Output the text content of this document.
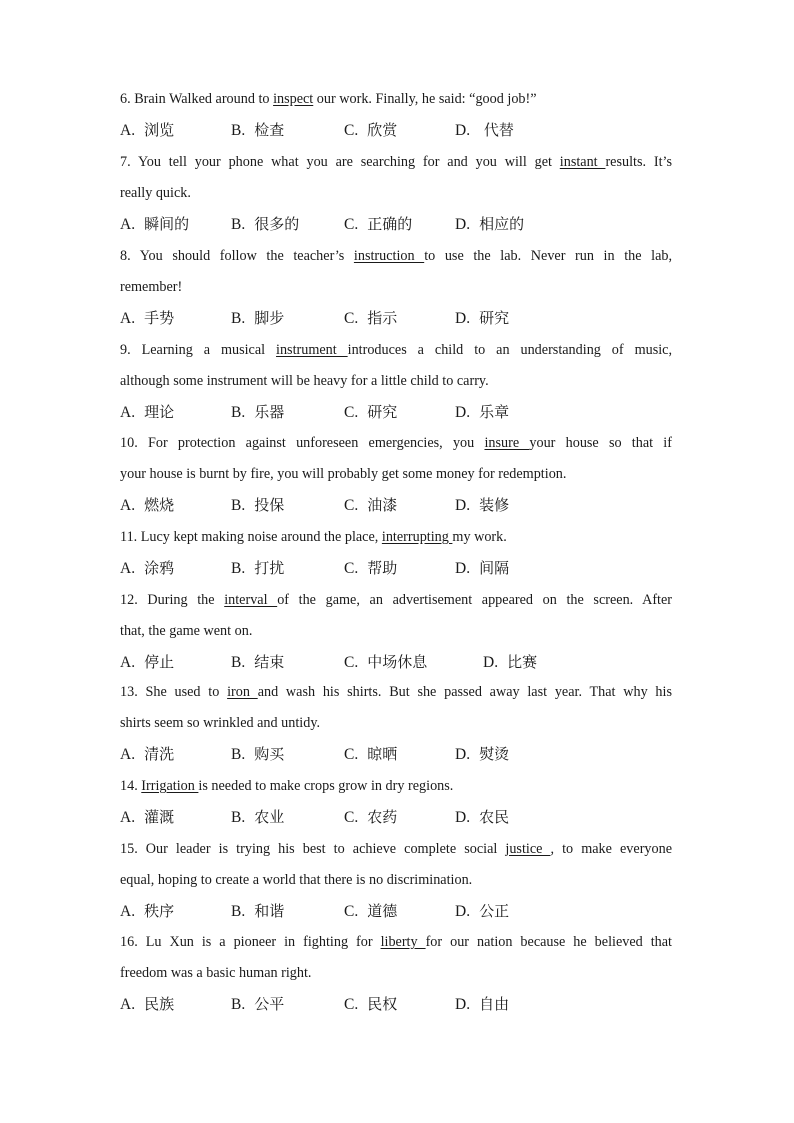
6. Brain Walked around to inspect our work. Finally, he said: “good job!”
A. 浏览	B. 检查	C. 欣赏	D. 代替
7. You tell your phone what you are searching for and you will get instant results. It’s
really quick.
A. 瞬间的	B. 很多的	C. 正确的	D. 相应的
8. You should follow the teacher’s instruction to use the lab. Never run in the lab,
remember!
A. 手势	B. 脚步	C. 指示	D. 研究
9. Learning a musical instrument introduces a child to an understanding of music,
although some instrument will be heavy for a little child to carry.
A. 理论	B. 乐器	C. 研究	D. 乐章
10. For protection against unforeseen emergencies, you insure your house so that if
your house is burnt by fire, you will probably get some money for redemption.
A. 燃烧	B. 投保	C. 油漆	D. 装修
11. Lucy kept making noise around the place, interrupting my work.
A. 涂鸦	B. 打扰	C. 帮助	D. 间隔
12. During the interval of the game, an advertisement appeared on the screen. After
that, the game went on.
A. 停止	B. 结束	C. 中场休息	D. 比赛
13. She used to iron and wash his shirts. But she passed away last year. That why his
shirts seem so wrinkled and untidy.
A. 清洗	B. 购买	C. 晾晒	D. 熨烫
14. Irrigation is needed to make crops grow in dry regions.
A. 灌溉	B. 农业	C. 农药	D. 农民
15. Our leader is trying his best to achieve complete social justice , to make everyone
equal, hoping to create a world that there is no discrimination.
A. 秩序	B. 和谐	C. 道德	D. 公正
16. Lu Xun is a pioneer in fighting for liberty for our nation because he believed that
freedom was a basic human right.
A. 民族	B. 公平	C. 民权	D. 自由
